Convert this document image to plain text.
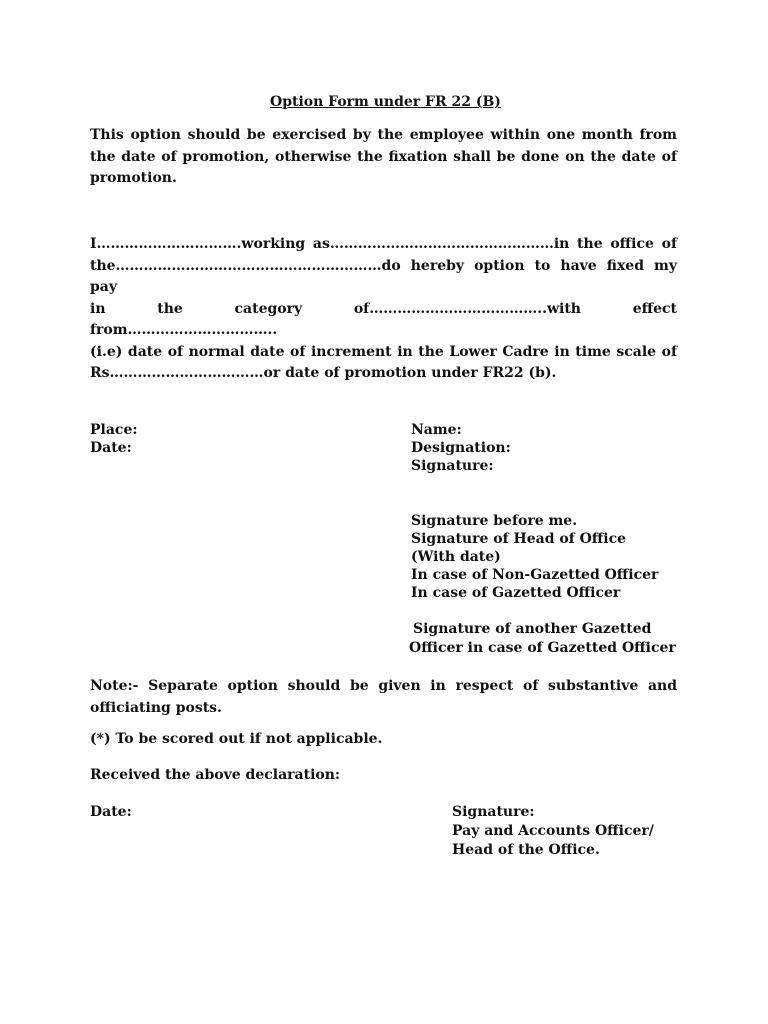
Option Form under FR 22 (B)
This option should be exercised by the employee within one month from
the date of promotion, otherwise the fixation shall be done on the date of
promotion.
I………………………….working as…………………………………………in the office of
the…………………………………………………do hereby option to have fixed my pay
in the category of………………………………..with effect from…………………………..
(i.e) date of normal date of increment in the Lower Cadre in time scale of
Rs……………………………or date of promotion under FR22 (b).
Place:
Date:
Name:
Designation:
Signature:
Signature before me.
Signature of Head of Office
(With date)
In case of Non-Gazetted Officer
In case of Gazetted Officer
Signature of another Gazetted
Officer in case of Gazetted Officer
Note:- Separate option should be given in respect of substantive and
officiating posts.
(*) To be scored out if not applicable.
Received the above declaration:
Date:	Signature:
Pay and Accounts Officer/
Head of the Office.
